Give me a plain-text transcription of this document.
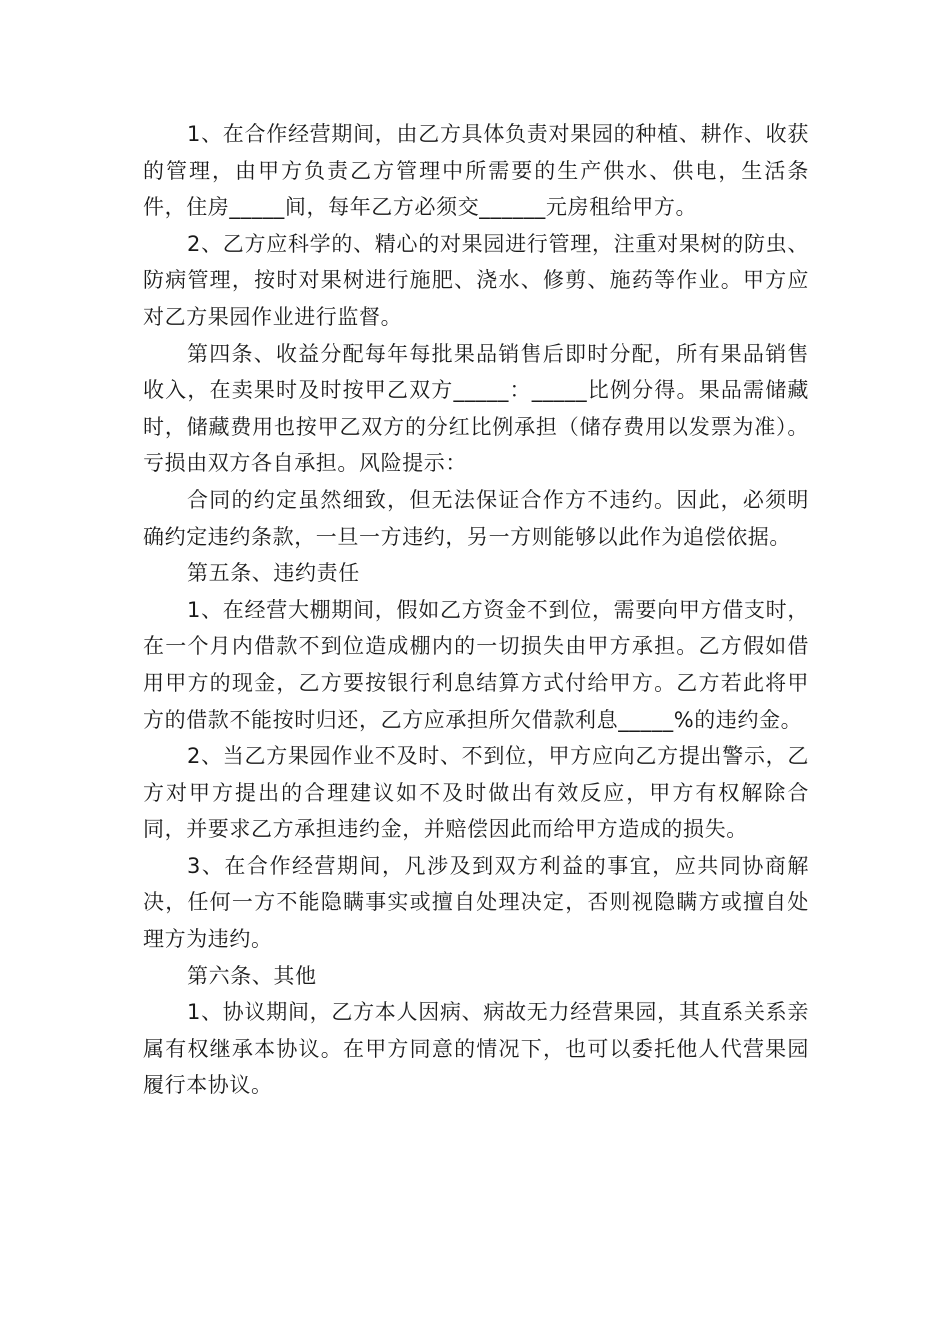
1、在合作经营期间，由乙方具体负责对果园的种植、耕作、收获的管理，由甲方负责乙方管理中所需要的生产供水、供电，生活条件，住房_____间，每年乙方必须交______元房租给甲方。

2、乙方应科学的、精心的对果园进行管理，注重对果树的防虫、防病管理，按时对果树进行施肥、浇水、修剪、施药等作业。甲方应对乙方果园作业进行监督。

第四条、收益分配每年每批果品销售后即时分配，所有果品销售收入，在卖果时及时按甲乙双方_____：_____比例分得。果品需储藏时，储藏费用也按甲乙双方的分红比例承担（储存费用以发票为准）。亏损由双方各自承担。风险提示：

合同的约定虽然细致，但无法保证合作方不违约。因此，必须明确约定违约条款，一旦一方违约，另一方则能够以此作为追偿依据。

第五条、违约责任

1、在经营大棚期间，假如乙方资金不到位，需要向甲方借支时，在一个月内借款不到位造成棚内的一切损失由甲方承担。乙方假如借用甲方的现金，乙方要按银行利息结算方式付给甲方。乙方若此将甲方的借款不能按时归还，乙方应承担所欠借款利息_____%的违约金。

2、当乙方果园作业不及时、不到位，甲方应向乙方提出警示，乙方对甲方提出的合理建议如不及时做出有效反应，甲方有权解除合同，并要求乙方承担违约金，并赔偿因此而给甲方造成的损失。

3、在合作经营期间，凡涉及到双方利益的事宜，应共同协商解决，任何一方不能隐瞒事实或擅自处理决定，否则视隐瞒方或擅自处理方为违约。

第六条、其他

1、协议期间，乙方本人因病、病故无力经营果园，其直系关系亲属有权继承本协议。在甲方同意的情况下，也可以委托他人代营果园履行本协议。
